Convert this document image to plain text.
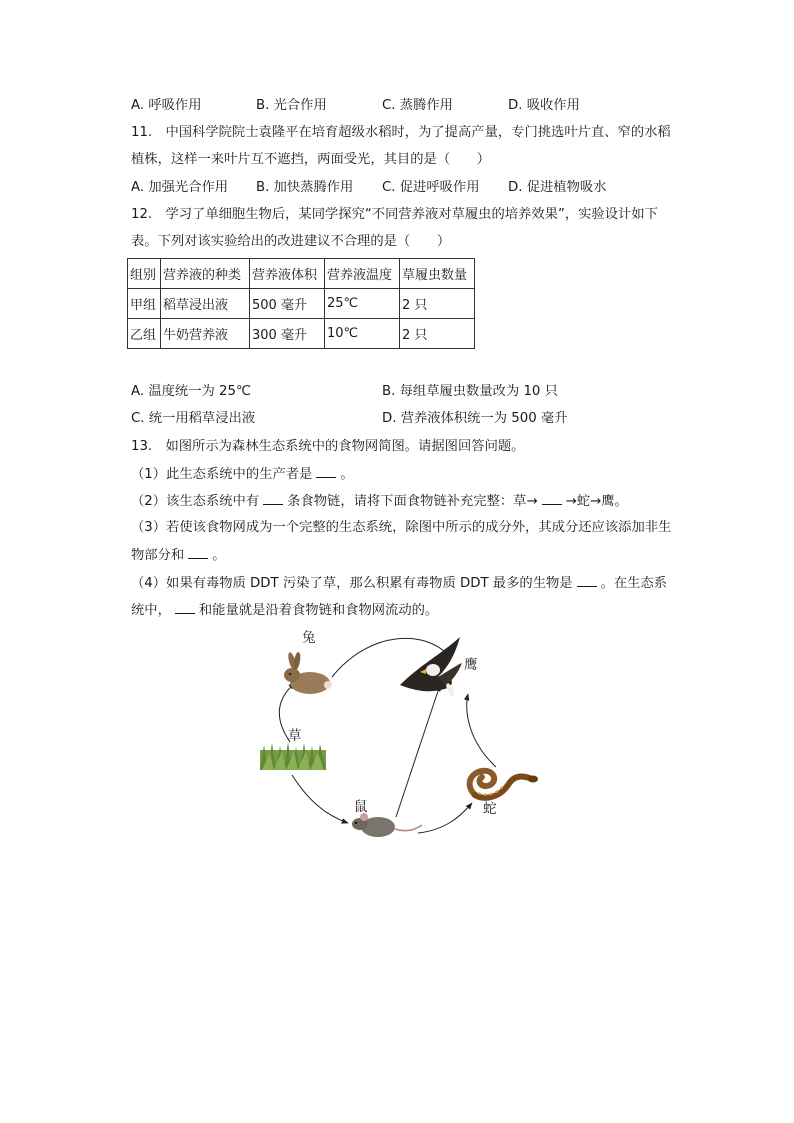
A. 呼吸作用	B. 光合作用	C. 蒸腾作用	D. 吸收作用
11.　中国科学院院士袁隆平在培育超级水稻时，为了提高产量，专门挑选叶片直、窄的水稻
植株，这样一来叶片互不遮挡，两面受光，其目的是（　　）
A. 加强光合作用 B. 加快蒸腾作用 C. 促进呼吸作用 D. 促进植物吸水
12.　学习了单细胞生物后，某同学探究“不同营养液对草履虫的培养效果”，实验设计如下
表。下列对该实验给出的改进建议不合理的是（　　）
组别	营养液的种类	营养液体积	营养液温度	草履虫数量
甲组	稻草浸出液	500 毫升	25℃	2 只
乙组	牛奶营养液	300 毫升	10℃	2 只
A. 温度统一为 25℃	B. 每组草履虫数量改为 10 只
C. 统一用稻草浸出液	D. 营养液体积统一为 500 毫升
13.　如图所示为森林生态系统中的食物网简图。请据图回答问题。
（1）此生态系统中的生产者是 。
（2）该生态系统中有 条食物链，请将下面食物链补充完整：草→ →蛇→鹰。
（3）若使该食物网成为一个完整的生态系统，除图中所示的成分外，其成分还应该添加非生
物部分和 。
（4）如果有毒物质 DDT 污染了草，那么积累有毒物质 DDT 最多的生物是 。在生态系
统中， 和能量就是沿着食物链和食物网流动的。
兔
鹰
草
鼠	蛇
